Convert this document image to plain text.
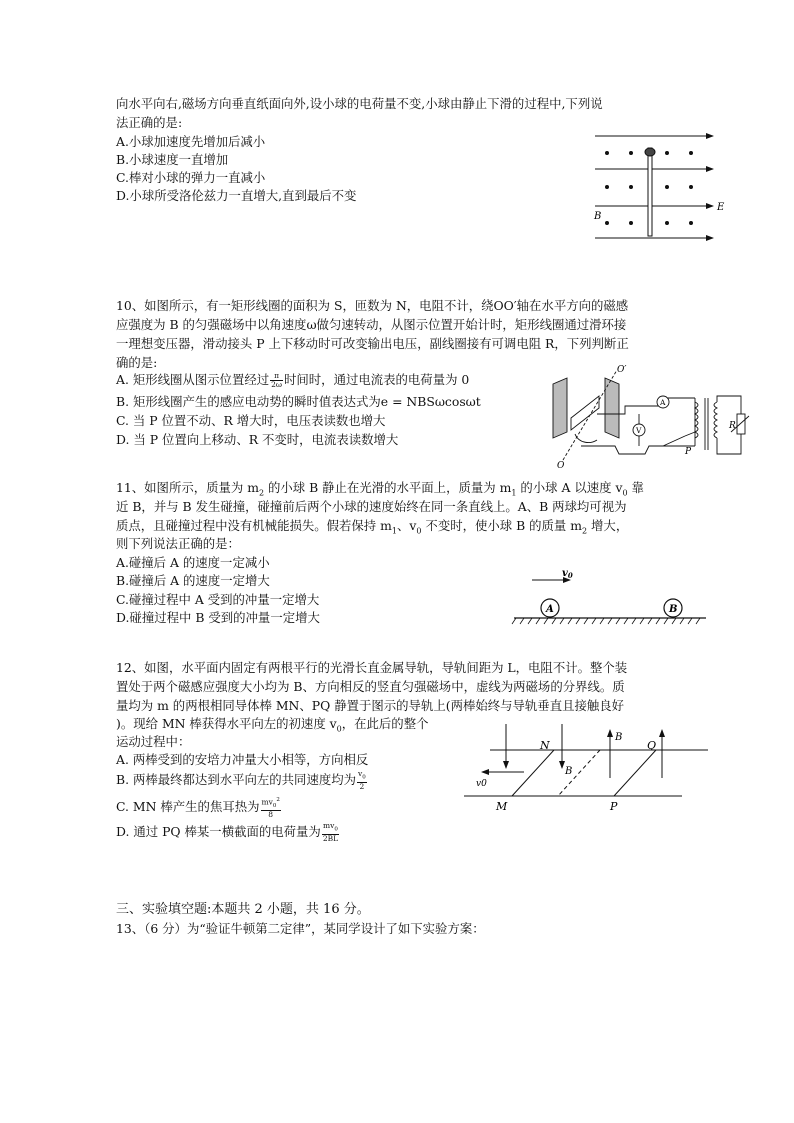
向水平向右,磁场方向垂直纸面向外,设小球的电荷量不变,小球由静止下滑的过程中,下列说
法正确的是:
A.小球加速度先增加后减小
B.小球速度一直增加
C.棒对小球的弹力一直减小
D.小球所受洛伦兹力一直增大,直到最后不变
B
E
10、如图所示，有一矩形线圈的面积为 S，匝数为 N，电阻不计，绕OO′轴在水平方向的磁感
应强度为 B 的匀强磁场中以角速度ω做匀速转动，从图示位置开始计时，矩形线圈通过滑环接
一理想变压器，滑动接头 P 上下移动时可改变输出电压，副线圈接有可调电阻 R，下列判断正
确的是:
A. 矩形线圈从图示位置经过 $\frac{\pi}{2\omega}$ 时间时，通过电流表的电荷量为 0
B. 矩形线圈产生的感应电动势的瞬时值表达式为e = NBSωcosωt
C. 当 P 位置不动、R 增大时，电压表读数也增大
D. 当 P 位置向上移动、R 不变时，电流表读数增大
A
V
O′
O
P
R
11、如图所示，质量为 $m_2$ 的小球 B 静止在光滑的水平面上，质量为 $m_1$ 的小球 A 以速度 $v_0$ 靠
近 B，并与 B 发生碰撞，碰撞前后两个小球的速度始终在同一条直线上。A、B 两球均可视为
质点，且碰撞过程中没有机械能损失。假若保持 $m_1$、$v_0$ 不变时，使小球 B 的质量 $m_2$ 增大，
则下列说法正确的是：
A.碰撞后 A 的速度一定减小
B.碰撞后 A 的速度一定增大
C.碰撞过程中 A 受到的冲量一定增大
D.碰撞过程中 B 受到的冲量一定增大
$v_0$
A	B
12、如图，水平面内固定有两根平行的光滑长直金属导轨，导轨间距为 L，电阻不计。整个装
置处于两个磁感应强度大小均为 B、方向相反的竖直匀强磁场中，虚线为两磁场的分界线。质
量均为 m 的两根相同导体棒 MN、PQ 静置于图示的导轨上(两棒始终与导轨垂直且接触良好
)。现给 MN 棒获得水平向左的初速度 $v_0$，在此后的整个
运动过程中：
A. 两棒受到的安培力冲量大小相等，方向相反
B. 两棒最终都达到水平向左的共同速度均为 $\frac{v_0}{2}$
C. MN 棒产生的焦耳热为 $\frac{mv_0^2}{8}$
D. 通过 PQ 棒某一横截面的电荷量为 $\frac{mv_0}{2BL}$
N	Q
M	P
B
B
v0
三、实验填空题:本题共 2 小题，共 16 分。
13、（6 分）为“验证牛顿第二定律”，某同学设计了如下实验方案：
